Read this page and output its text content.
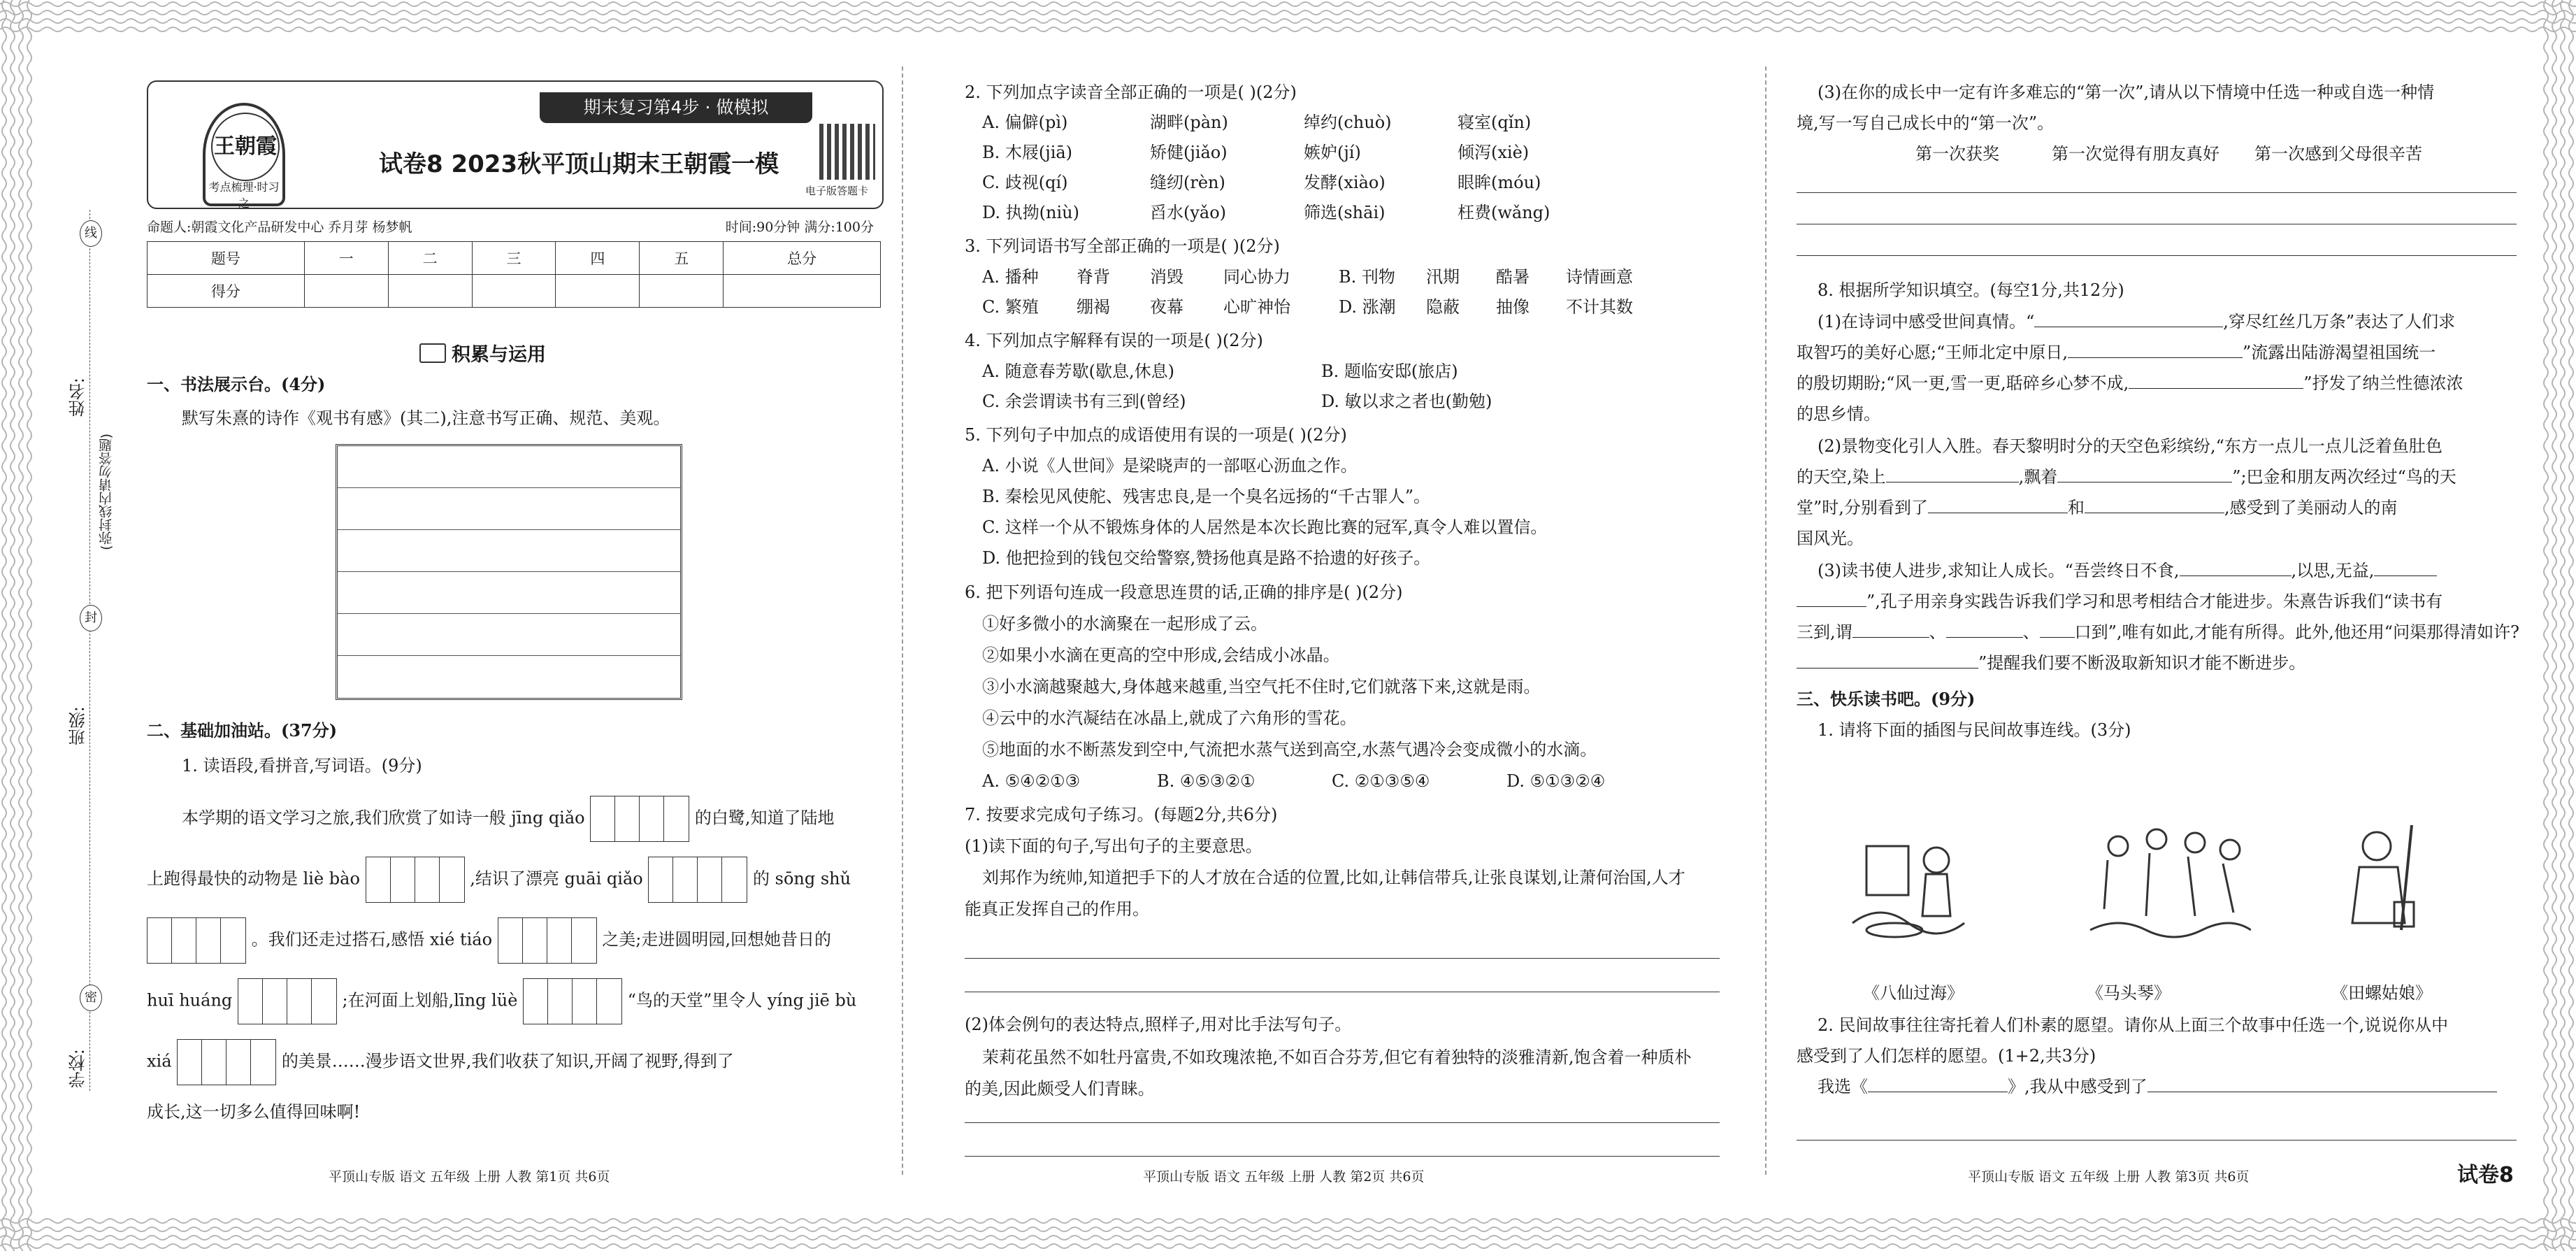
线
封
密
姓名:
(弥封线内请勿答题)
班级:
学校:
期末复习第4步 · 做模拟
王朝霞
考点梳理·时习之
试卷8 2023秋平顶山期末王朝霞一模
电子版答题卡
命题人:朝霞文化产品研发中心 乔月芽 杨梦帆	时间:90分钟 满分:100分
题号	一	二	三	四	五	总分
得分						
积累与运用
一、书法展示台。(4分)
默写朱熹的诗作《观书有感》(其二),注意书写正确、规范、美观。
二、基础加油站。(37分)
1. 读语段,看拼音,写词语。(9分)
本学期的语文学习之旅,我们欣赏了如诗一般 jīng qiǎo	的白鹭,知道了陆地
上跑得最快的动物是 liè bào	,结识了漂亮 guāi qiǎo	的 sōng shǔ
。我们还走过搭石,感悟 xié tiáo	之美;走进圆明园,回想她昔日的
huī huáng	;在河面上划船,līng lüè	“鸟的天堂”里令人 yíng jiē bù
xiá	的美景……漫步语文世界,我们收获了知识,开阔了视野,得到了
成长,这一切多么值得回味啊!
2. 下列加点字读音全部正确的一项是( )(2分)
A. 偏僻(pì)	湖畔(pàn)	绰约(chuò)	寝室(qǐn)
B. 木屐(jiā)	矫健(jiǎo)	嫉妒(jí)	倾泻(xiè)
C. 歧视(qí)	缝纫(rèn)	发酵(xiào)	眼眸(móu)
D. 执拗(niù)	舀水(yǎo)	筛选(shāi)	枉费(wǎng)
3. 下列词语书写全部正确的一项是( )(2分)
A. 播种 脊背 消毁 同心协力	B. 刊物 汛期 酷暑 诗情画意
C. 繁殖 绷褐 夜幕 心旷神怡	D. 涨潮 隐蔽 抽像 不计其数
4. 下列加点字解释有误的一项是( )(2分)
A. 随意春芳歇(歇息,休息)	B. 题临安邸(旅店)
C. 余尝谓读书有三到(曾经)	D. 敏以求之者也(勤勉)
5. 下列句子中加点的成语使用有误的一项是( )(2分)
A. 小说《人世间》是梁晓声的一部呕心沥血之作。
B. 秦桧见风使舵、残害忠良,是一个臭名远扬的“千古罪人”。
C. 这样一个从不锻炼身体的人居然是本次长跑比赛的冠军,真令人难以置信。
D. 他把捡到的钱包交给警察,赞扬他真是路不拾遗的好孩子。
6. 把下列语句连成一段意思连贯的话,正确的排序是( )(2分)
①好多微小的水滴聚在一起形成了云。
②如果小水滴在更高的空中形成,会结成小冰晶。
③小水滴越聚越大,身体越来越重,当空气托不住时,它们就落下来,这就是雨。
④云中的水汽凝结在冰晶上,就成了六角形的雪花。
⑤地面的水不断蒸发到空中,气流把水蒸气送到高空,水蒸气遇冷会变成微小的水滴。
A. ⑤④②①③	B. ④⑤③②①	C. ②①③⑤④	D. ⑤①③②④
7. 按要求完成句子练习。(每题2分,共6分)
(1)读下面的句子,写出句子的主要意思。
刘邦作为统帅,知道把手下的人才放在合适的位置,比如,让韩信带兵,让张良谋划,让萧何治国,人才
能真正发挥自己的作用。
(2)体会例句的表达特点,照样子,用对比手法写句子。
茉莉花虽然不如牡丹富贵,不如玫瑰浓艳,不如百合芬芳,但它有着独特的淡雅清新,饱含着一种质朴
的美,因此颇受人们青睐。
(3)在你的成长中一定有许多难忘的“第一次”,请从以下情境中任选一种或自选一种情
境,写一写自己成长中的“第一次”。
第一次获奖	第一次觉得有朋友真好 第一次感到父母很辛苦
8. 根据所学知识填空。(每空1分,共12分)
(1)在诗词中感受世间真情。“	,穿尽红丝几万条”表达了人们求
取智巧的美好心愿;“王师北定中原日,	”流露出陆游渴望祖国统一
的殷切期盼;“风一更,雪一更,聒碎乡心梦不成,	”抒发了纳兰性德浓浓
的思乡情。
(2)景物变化引人入胜。春天黎明时分的天空色彩缤纷,“东方一点儿一点儿泛着鱼肚色
的天空,染上	,飘着	”;巴金和朋友两次经过“鸟的天
堂”时,分别看到了	和	,感受到了美丽动人的南
国风光。
(3)读书使人进步,求知让人成长。“吾尝终日不食,	,以思,无益,
”,孔子用亲身实践告诉我们学习和思考相结合才能进步。朱熹告诉我们“读书有
三到,谓	、	、 口到”,唯有如此,才能有所得。此外,他还用“问渠那得清如许?
”提醒我们要不断汲取新知识才能不断进步。
三、快乐读书吧。(9分)
1. 请将下面的插图与民间故事连线。(3分)
《八仙过海》	《马头琴》	《田螺姑娘》
2. 民间故事往往寄托着人们朴素的愿望。请你从上面三个故事中任选一个,说说你从中
感受到了人们怎样的愿望。(1+2,共3分)
我选《	》,我从中感受到了
平顶山专版 语文 五年级 上册 人教 第1页 共6页	平顶山专版 语文 五年级 上册 人教 第2页 共6页	平顶山专版 语文 五年级 上册 人教 第3页 共6页	试卷8
